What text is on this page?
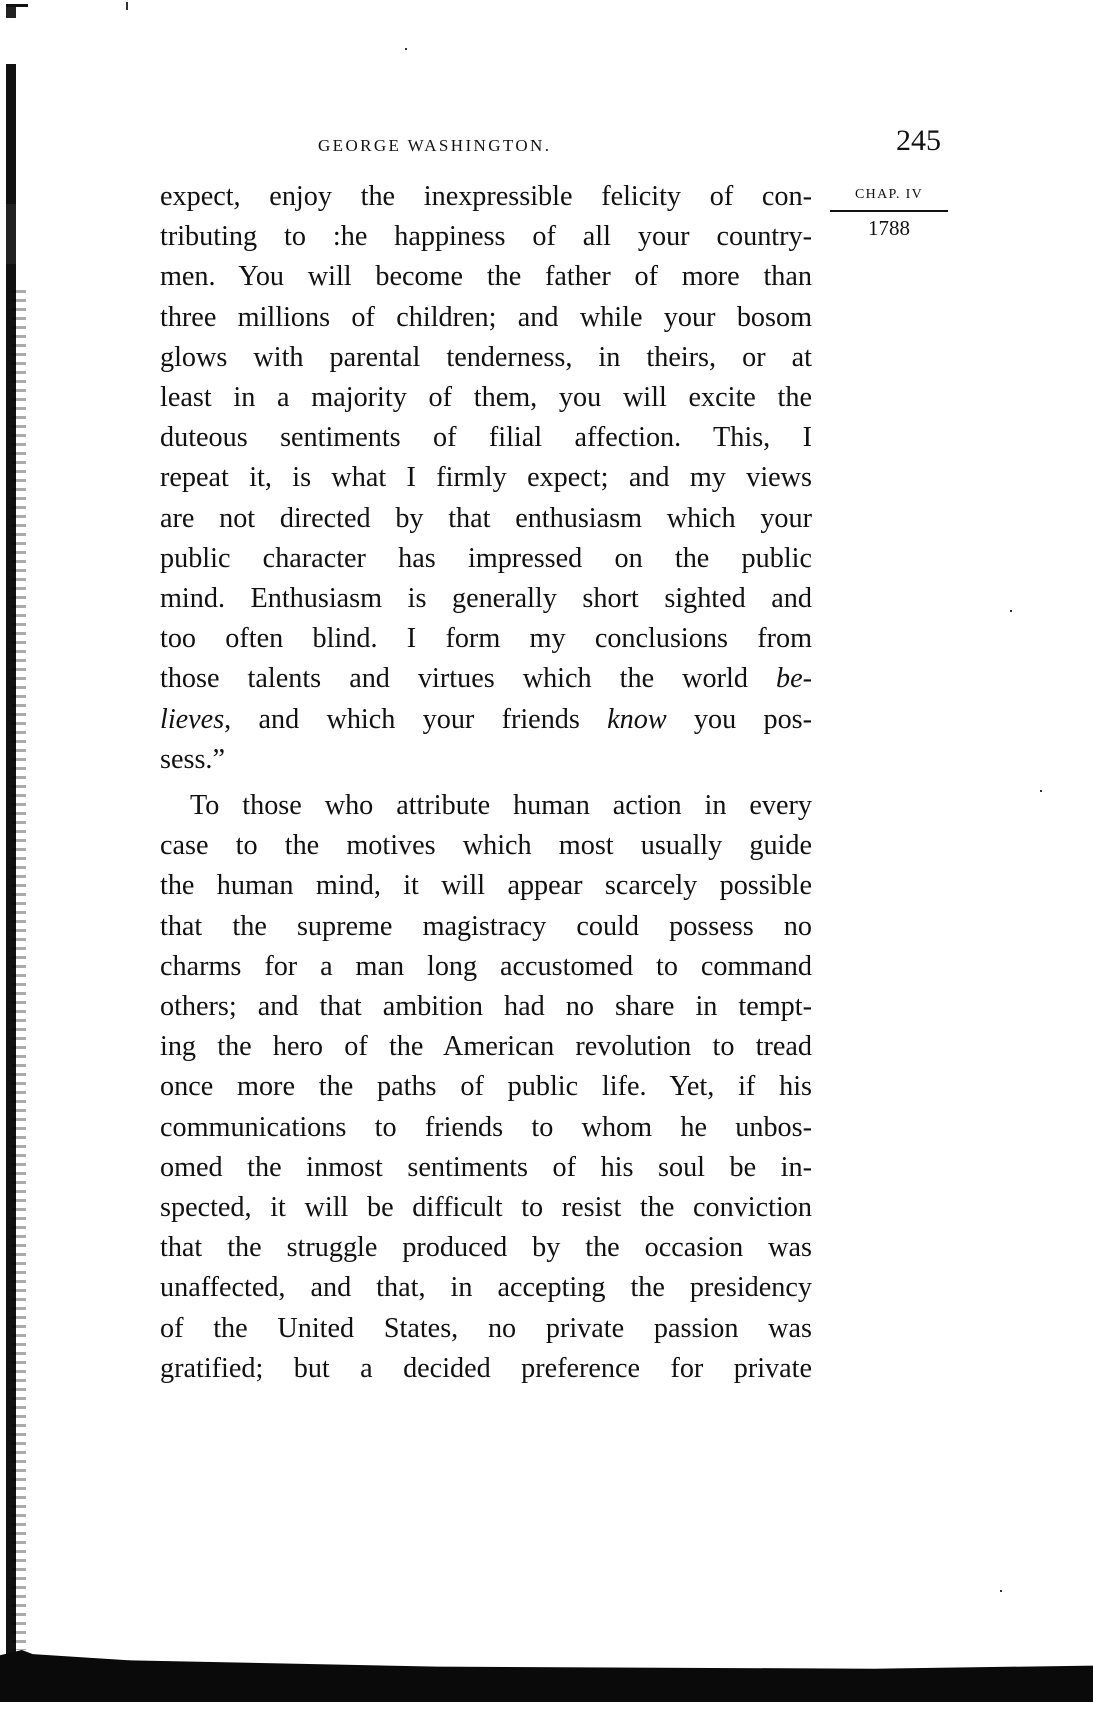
GEORGE WASHINGTON.	245
CHAP. IV
1788
expect, enjoy the inexpressible felicity of con-
tributing to :he happiness of all your country-
men. You will become the father of more than
three millions of children; and while your bosom
glows with parental tenderness, in theirs, or at
least in a majority of them, you will excite the
duteous sentiments of filial affection. This, I
repeat it, is what I firmly expect; and my views
are not directed by that enthusiasm which your
public character has impressed on the public
mind. Enthusiasm is generally short sighted and
too often blind. I form my conclusions from
those talents and virtues which the world be-
lieves, and which your friends know you pos-
sess.”
To those who attribute human action in every
case to the motives which most usually guide
the human mind, it will appear scarcely possible
that the supreme magistracy could possess no
charms for a man long accustomed to command
others; and that ambition had no share in tempt-
ing the hero of the American revolution to tread
once more the paths of public life. Yet, if his
communications to friends to whom he unbos-
omed the inmost sentiments of his soul be in-
spected, it will be difficult to resist the conviction
that the struggle produced by the occasion was
unaffected, and that, in accepting the presidency
of the United States, no private passion was
gratified; but a decided preference for private
